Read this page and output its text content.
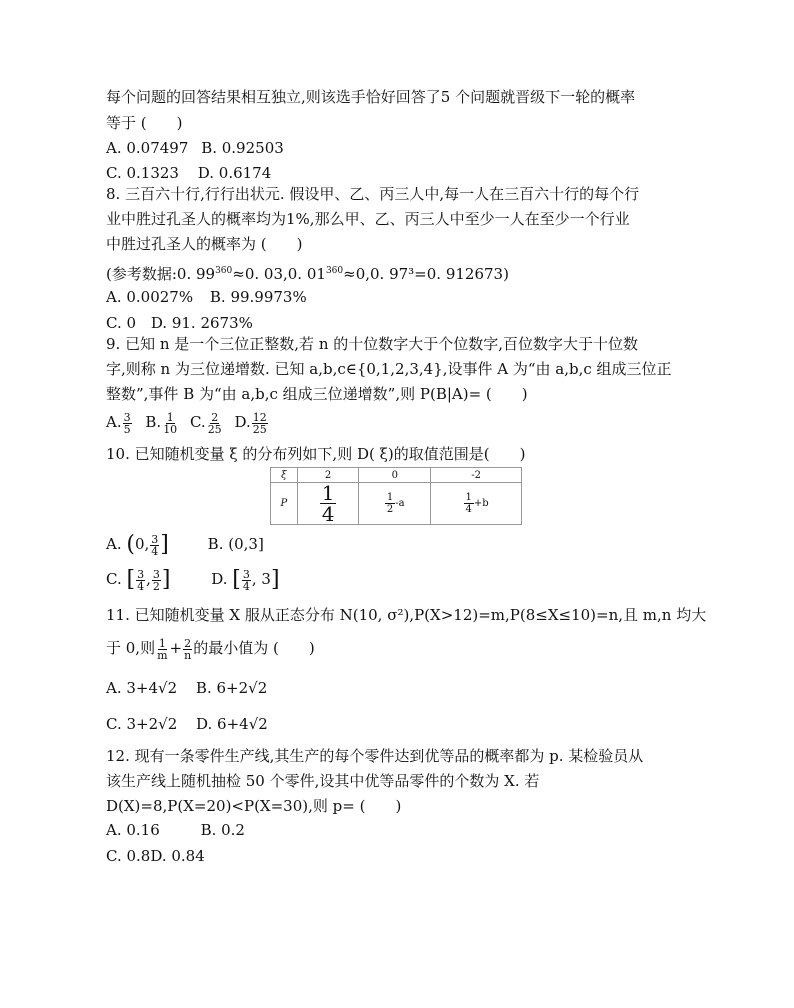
每个问题的回答结果相互独立,则该选手恰好回答了5 个问题就晋级下一轮的概率
等于 (　　)
A. 0.07497 B. 0.92503
C. 0.1323 D. 0.6174
8. 三百六十行,行行出状元. 假设甲、乙、丙三人中,每一人在三百六十行的每个行
业中胜过孔圣人的概率均为1%,那么甲、乙、丙三人中至少一人在至少一个行业
中胜过孔圣人的概率为 (　　)
(参考数据:0. $99^{360}\approx 0$. 03,0. $01^{360}\approx 0,0$. 97³=0. 912673)
A. 0.0027% B. 99.9973%
C. 0 D. 91. 2673%
9. 已知 n 是一个三位正整数,若 n 的十位数字大于个位数字,百位数字大于十位数
字,则称 n 为三位递增数. 已知 a,b,c∈{0,1,2,3,4},设事件 A 为“由 a,b,c 组成三位正
整数”,事件 B 为“由 a,b,c 组成三位递增数”,则 P(B|A)= (　　)
A. $\frac{3}{5} B$. $\frac{1}{10} C$. $\frac{2}{25} D$. $\frac{12}{25}$
10. 已知随机变量 ξ 的分布列如下,则 D( ξ)的取值范围是(　　)
ξ	2	0	-2
P	$\frac{1}{4}$	$\frac{1}{2} -a$	$\frac{1}{4} +b$
A. (0, $\frac{3}{4}$ ]	B. (0,3]
C. [ $\frac{3}{4}$ , $\frac{3}{2}$ ]	D. [ $\frac{3}{4}$ , 3]
11. 已知随机变量 X 服从正态分布 N(10, σ²),P(X>12)=m,P(8≤X≤10)=n,且 m,n 均大
于 0,则 $\frac{1}{m} + \frac{2}{n}$ 的最小值为 (　　)
A. 3+4√2 B. 6+2√2
C. 3+2√2 D. 6+4√2
12. 现有一条零件生产线,其生产的每个零件达到优等品的概率都为 p. 某检验员从
该生产线上随机抽检 50 个零件,设其中优等品零件的个数为 X. 若
D(X)=8,P(X=20)<P(X=30),则 p= (　　)
A. 0.16	B. 0.2
C. 0.8D. 0.84
